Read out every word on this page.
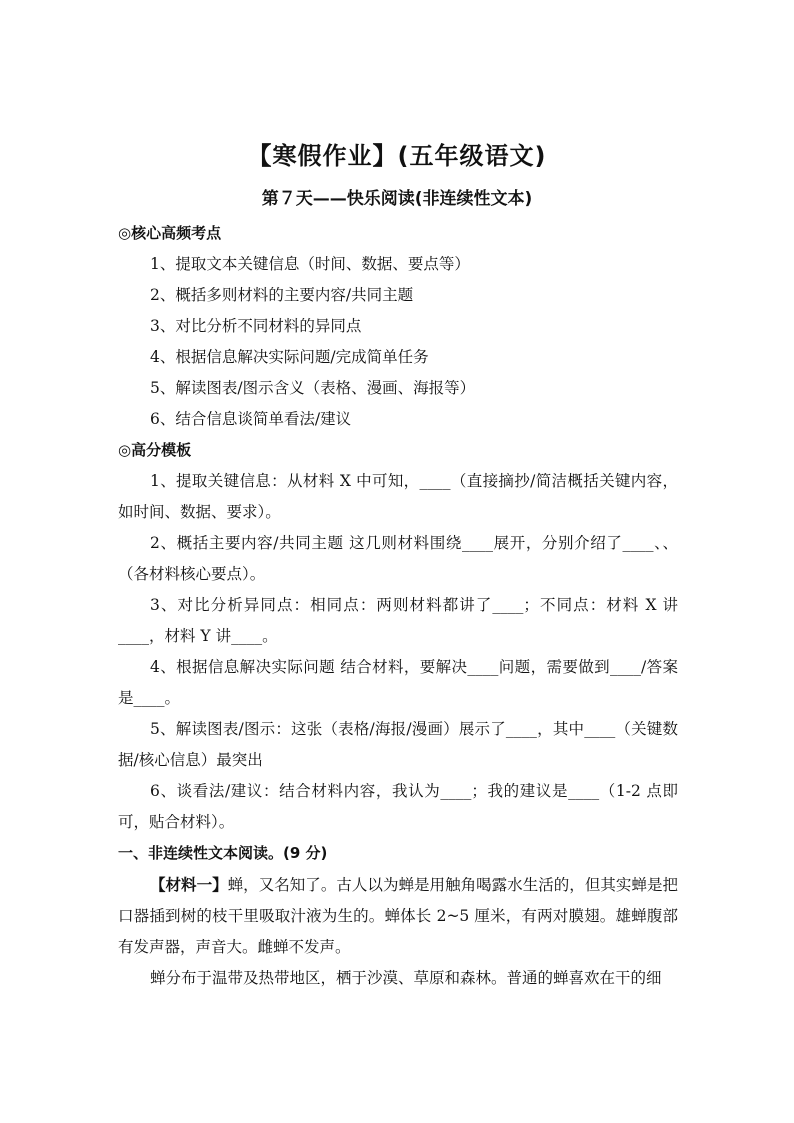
【寒假作业】(五年级语文)
第７天——快乐阅读(非连续性文本)
◎核心高频考点
1、提取文本关键信息（时间、数据、要点等）
2、概括多则材料的主要内容/共同主题
3、对比分析不同材料的异同点
4、根据信息解决实际问题/完成简单任务
5、解读图表/图示含义（表格、漫画、海报等）
6、结合信息谈简单看法/建议
◎高分模板
1、提取关键信息：从材料 X 中可知，____（直接摘抄/简洁概括关键内容，如时间、数据、要求）。
2、概括主要内容/共同主题 这几则材料围绕____展开，分别介绍了____、、（各材料核心要点）。
3、对比分析异同点：相同点：两则材料都讲了____；不同点：材料 X 讲____，材料 Y 讲____。
4、根据信息解决实际问题 结合材料，要解决____问题，需要做到____/答案是____。
5、解读图表/图示：这张（表格/海报/漫画）展示了____，其中____（关键数据/核心信息）最突出
6、谈看法/建议：结合材料内容，我认为____；我的建议是____（1-2 点即可，贴合材料）。
一、非连续性文本阅读。(9 分)
【材料一】蝉，又名知了。古人以为蝉是用触角喝露水生活的，但其实蝉是把口器插到树的枝干里吸取汁液为生的。蝉体长 2~5 厘米，有两对膜翅。雄蝉腹部有发声器，声音大。雌蝉不发声。
蝉分布于温带及热带地区，栖于沙漠、草原和森林。普通的蝉喜欢在干的细
